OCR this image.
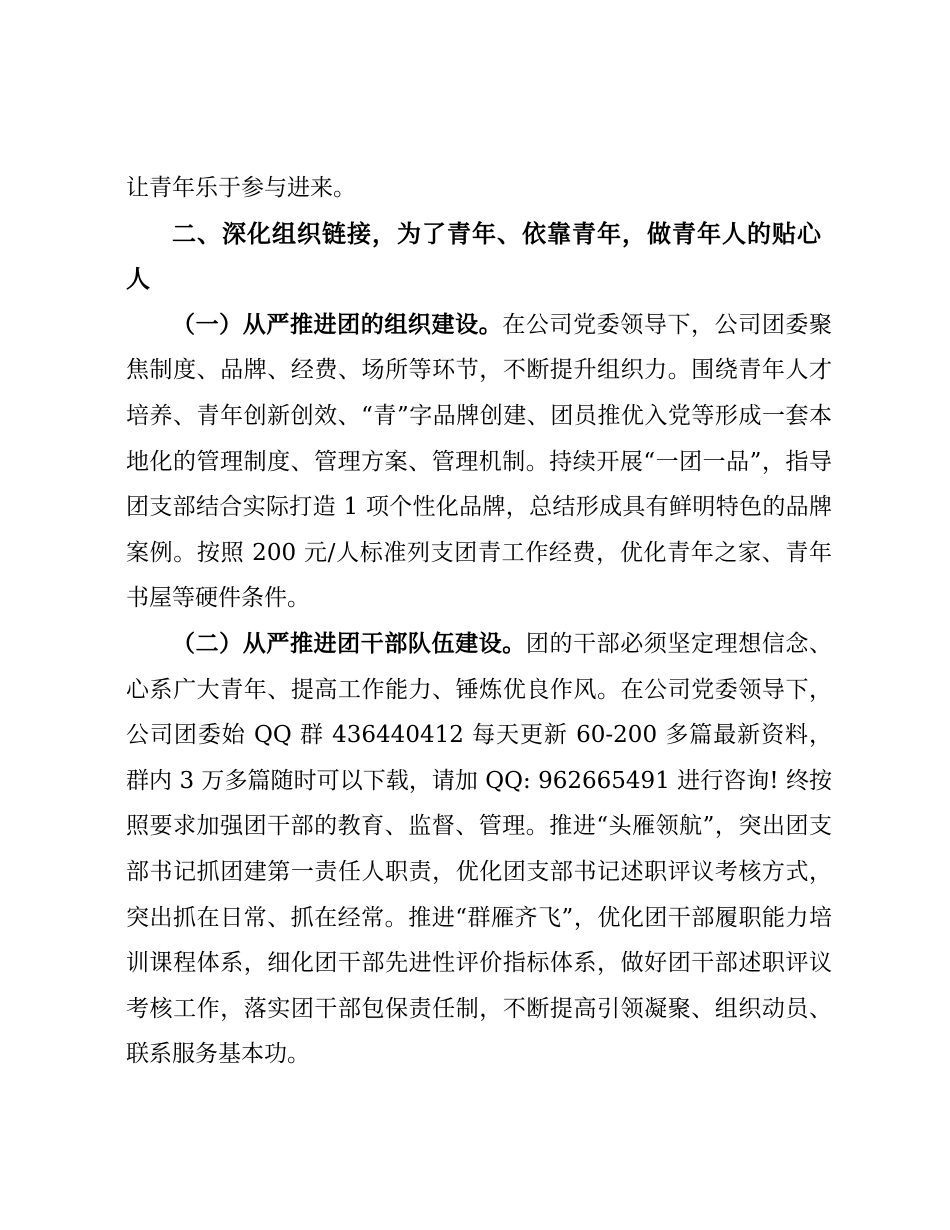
让青年乐于参与进来。

二、深化组织链接，为了青年、依靠青年，做青年人的贴心人

（一）从严推进团的组织建设。在公司党委领导下，公司团委聚焦制度、品牌、经费、场所等环节，不断提升组织力。围绕青年人才培养、青年创新创效、“青”字品牌创建、团员推优入党等形成一套本地化的管理制度、管理方案、管理机制。持续开展“一团一品”，指导团支部结合实际打造 1 项个性化品牌，总结形成具有鲜明特色的品牌案例。按照 200 元/人标准列支团青工作经费，优化青年之家、青年书屋等硬件条件。

（二）从严推进团干部队伍建设。团的干部必须坚定理想信念、心系广大青年、提高工作能力、锤炼优良作风。在公司党委领导下，公司团委始 QQ 群 436440412 每天更新 60-200 多篇最新资料，群内 3 万多篇随时可以下载，请加 QQ: 962665491 进行咨询! 终按照要求加强团干部的教育、监督、管理。推进“头雁领航”，突出团支部书记抓团建第一责任人职责，优化团支部书记述职评议考核方式，突出抓在日常、抓在经常。推进“群雁齐飞”，优化团干部履职能力培训课程体系，细化团干部先进性评价指标体系，做好团干部述职评议考核工作，落实团干部包保责任制，不断提高引领凝聚、组织动员、联系服务基本功。
